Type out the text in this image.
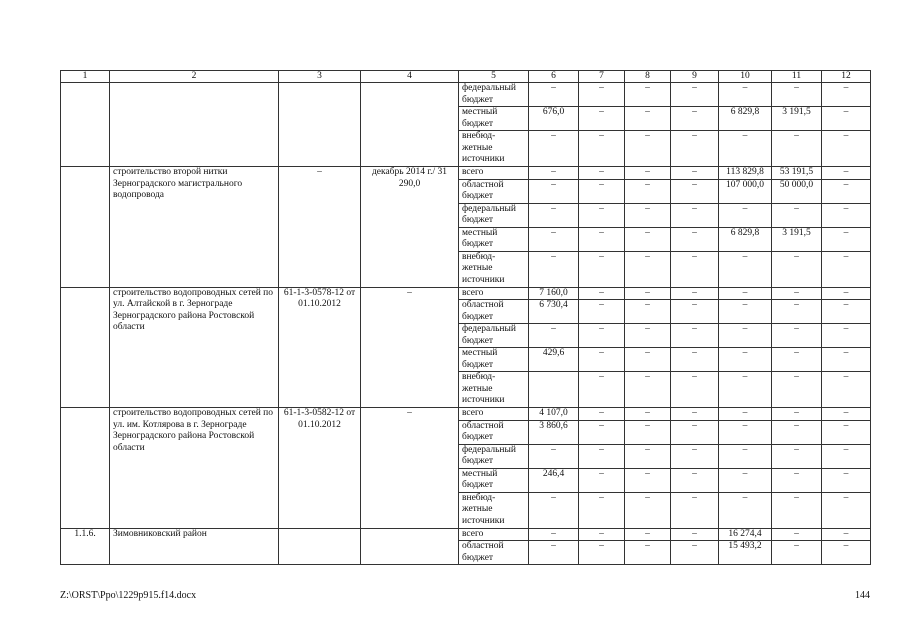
1	2	3	4	5	6	7	8	9	10	11	12
				федеральный бюджет	–	–	–	–	–	–	–
				местный бюджет	676,0	–	–	–	6 829,8	3 191,5	–
				внебюд-жетные источники	–	–	–	–	–	–	–
	строительство второй нитки Зерноградского магистрального водопровода	–	декабрь 2014 г./ 31 290,0	всего	–	–	–	–	113 829,8	53 191,5	–
				областной бюджет	–	–	–	–	107 000,0	50 000,0	–
				федеральный бюджет	–	–	–	–	–	–	–
				местный бюджет	–	–	–	–	6 829,8	3 191,5	–
				внебюд-жетные источники	–	–	–	–	–	–	–
	строительство водопроводных сетей по ул. Алтайской в г. Зернограде Зерноградского района Ростовской области	61-1-3-0578-12 от 01.10.2012	–	всего	7 160,0	–	–	–	–	–	–
				областной бюджет	6 730,4	–	–	–	–	–	–
				федеральный бюджет	–	–	–	–	–	–	–
				местный бюджет	429,6	–	–	–	–	–	–
				внебюд-жетные источники		–	–	–	–	–	–
	строительство водопроводных сетей по ул. им. Котлярова в г. Зернограде Зерноградского района Ростовской области	61-1-3-0582-12 от 01.10.2012	–	всего	4 107,0	–	–	–	–	–	–
				областной бюджет	3 860,6	–	–	–	–	–	–
				федеральный бюджет	–	–	–	–	–	–	–
				местный бюджет	246,4	–	–	–	–	–	–
				внебюд-жетные источники	–	–	–	–	–	–	–
1.1.6.	Зимовниковский район			всего	–	–	–	–	16 274,4	–	–
				областной бюджет	–	–	–	–	15 493,2	–	–
Z:\ORST\Ppo\1229p915.f14.docx	144
